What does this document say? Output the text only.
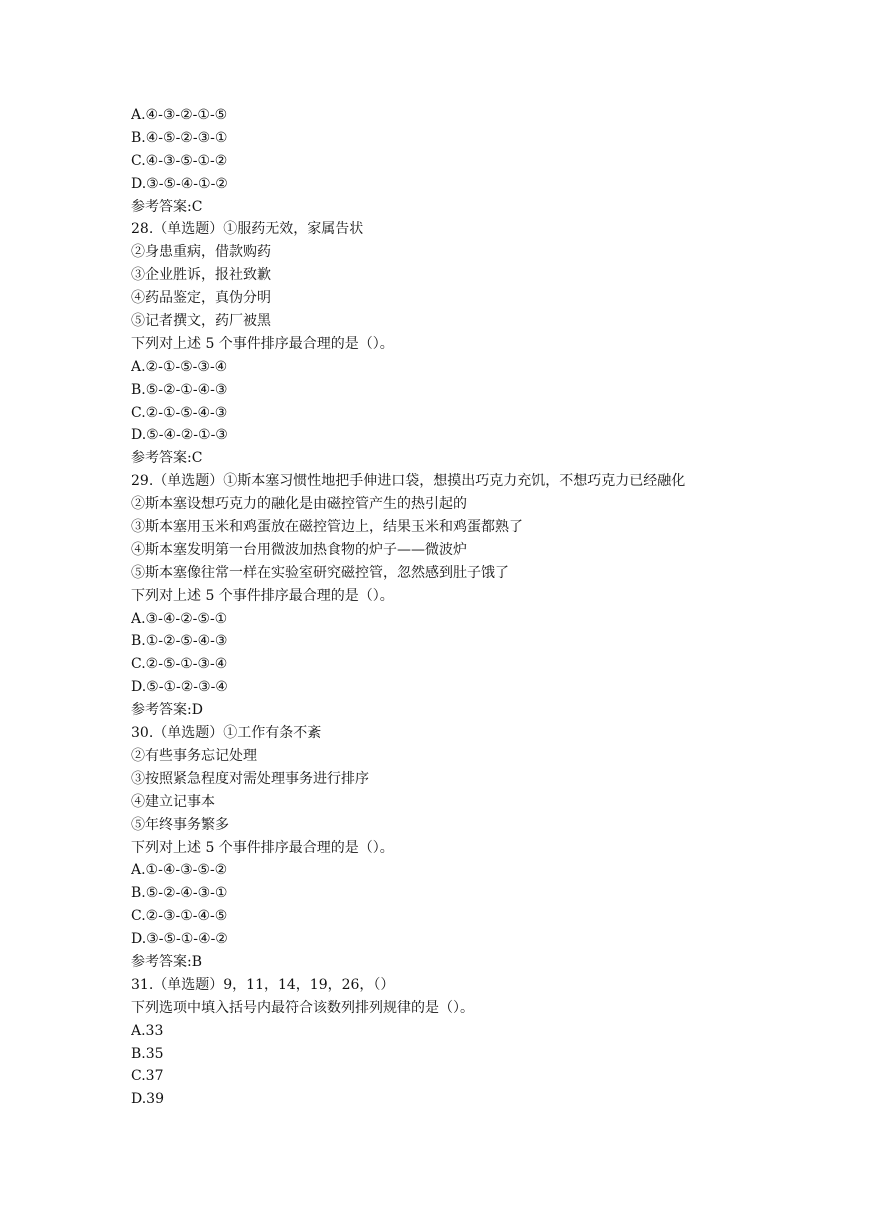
A.④-③-②-①-⑤
B.④-⑤-②-③-①
C.④-③-⑤-①-②
D.③-⑤-④-①-②
参考答案:C
28.（单选题）①服药无效，家属告状
②身患重病，借款购药
③企业胜诉，报社致歉
④药品鉴定，真伪分明
⑤记者撰文，药厂被黑
下列对上述 5 个事件排序最合理的是（）。
A.②-①-⑤-③-④
B.⑤-②-①-④-③
C.②-①-⑤-④-③
D.⑤-④-②-①-③
参考答案:C
29.（单选题）①斯本塞习惯性地把手伸进口袋，想摸出巧克力充饥，不想巧克力已经融化
②斯本塞设想巧克力的融化是由磁控管产生的热引起的
③斯本塞用玉米和鸡蛋放在磁控管边上，结果玉米和鸡蛋都熟了
④斯本塞发明第一台用微波加热食物的炉子——微波炉
⑤斯本塞像往常一样在实验室研究磁控管，忽然感到肚子饿了
下列对上述 5 个事件排序最合理的是（）。
A.③-④-②-⑤-①
B.①-②-⑤-④-③
C.②-⑤-①-③-④
D.⑤-①-②-③-④
参考答案:D
30.（单选题）①工作有条不紊
②有些事务忘记处理
③按照紧急程度对需处理事务进行排序
④建立记事本
⑤年终事务繁多
下列对上述 5 个事件排序最合理的是（）。
A.①-④-③-⑤-②
B.⑤-②-④-③-①
C.②-③-①-④-⑤
D.③-⑤-①-④-②
参考答案:B
31.（单选题）9，11，14，19，26，（）
下列选项中填入括号内最符合该数列排列规律的是（）。
A.33
B.35
C.37
D.39
